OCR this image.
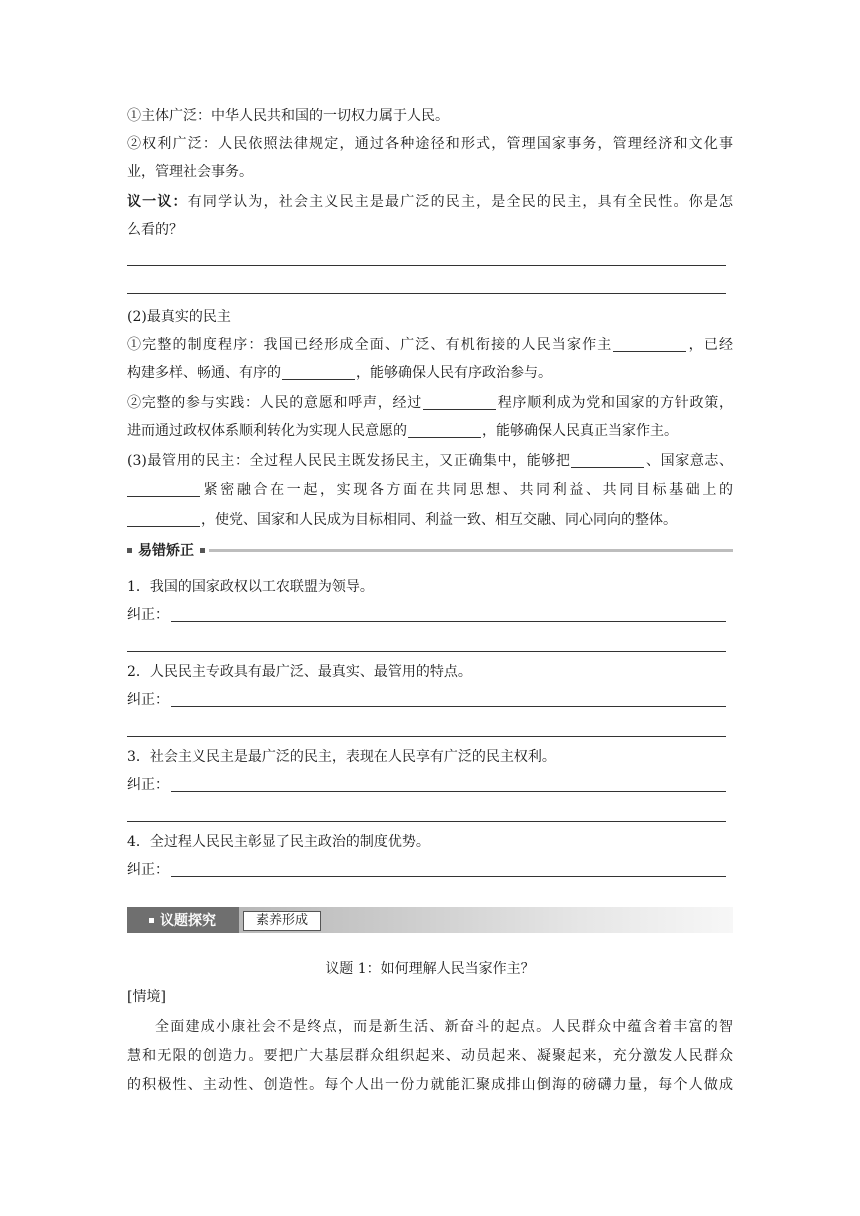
①主体广泛：中华人民共和国的一切权力属于人民。
②权利广泛：人民依照法律规定，通过各种途径和形式，管理国家事务，管理经济和文化事
业，管理社会事务。
议一议：有同学认为，社会主义民主是最广泛的民主，是全民的民主，具有全民性。你是怎
么看的？
(2)最真实的民主
①完整的制度程序：我国已经形成全面、广泛、有机衔接的人民当家作主	，已经
构建多样、畅通、有序的	，能够确保人民有序政治参与。
②完整的参与实践：人民的意愿和呼声，经过	程序顺利成为党和国家的方针政策，
进而通过政权体系顺利转化为实现人民意愿的	，能够确保人民真正当家作主。
(3)最管用的民主：全过程人民民主既发扬民主，又正确集中，能够把	、国家意志、
紧密融合在一起，实现各方面在共同思想、共同利益、共同目标基础上的
，使党、国家和人民成为目标相同、利益一致、相互交融、同心同向的整体。
易错矫正
1．我国的国家政权以工农联盟为领导。
纠正：
2．人民民主专政具有最广泛、最真实、最管用的特点。
纠正：
3．社会主义民主是最广泛的民主，表现在人民享有广泛的民主权利。
纠正：
4．全过程人民民主彰显了民主政治的制度优势。
纠正：
议题探究	素养形成
议题 1：如何理解人民当家作主？
[情境]
全面建成小康社会不是终点，而是新生活、新奋斗的起点。人民群众中蕴含着丰富的智
慧和无限的创造力。要把广大基层群众组织起来、动员起来、凝聚起来，充分激发人民群众
的积极性、主动性、创造性。每个人出一份力就能汇聚成排山倒海的磅礴力量，每个人做成
